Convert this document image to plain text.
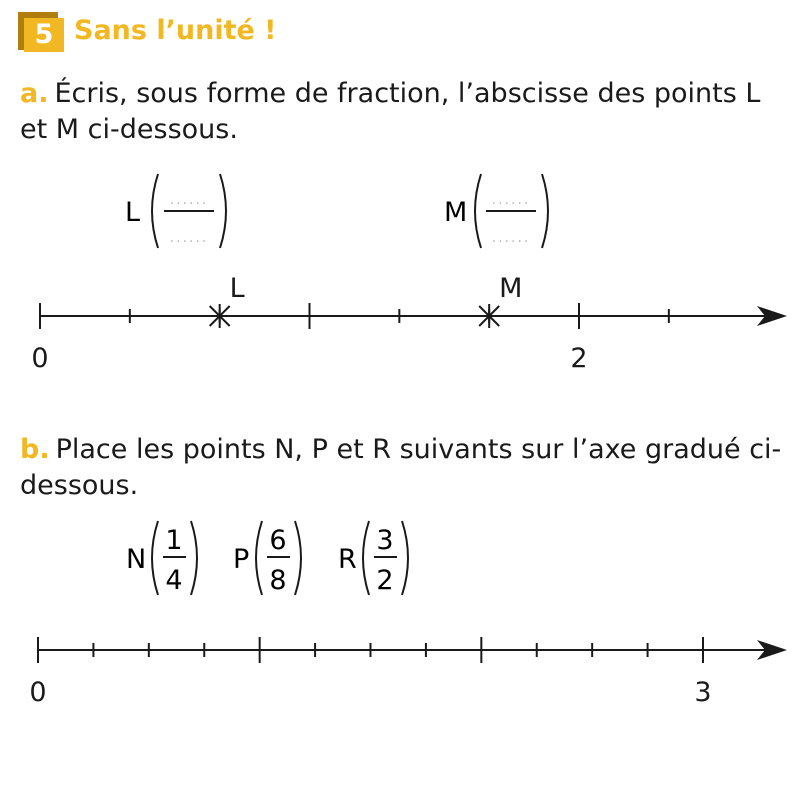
5 Sans l’unité !
a. Écris, sous forme de fraction, l’abscisse des points L et M ci-dessous.
b. Place les points N, P et R suivants sur l’axe gradué ci-dessous.
L ......
......
M ......
......
0	2
L	M
N
1
4
P
6
8
R
3
2
0	3
